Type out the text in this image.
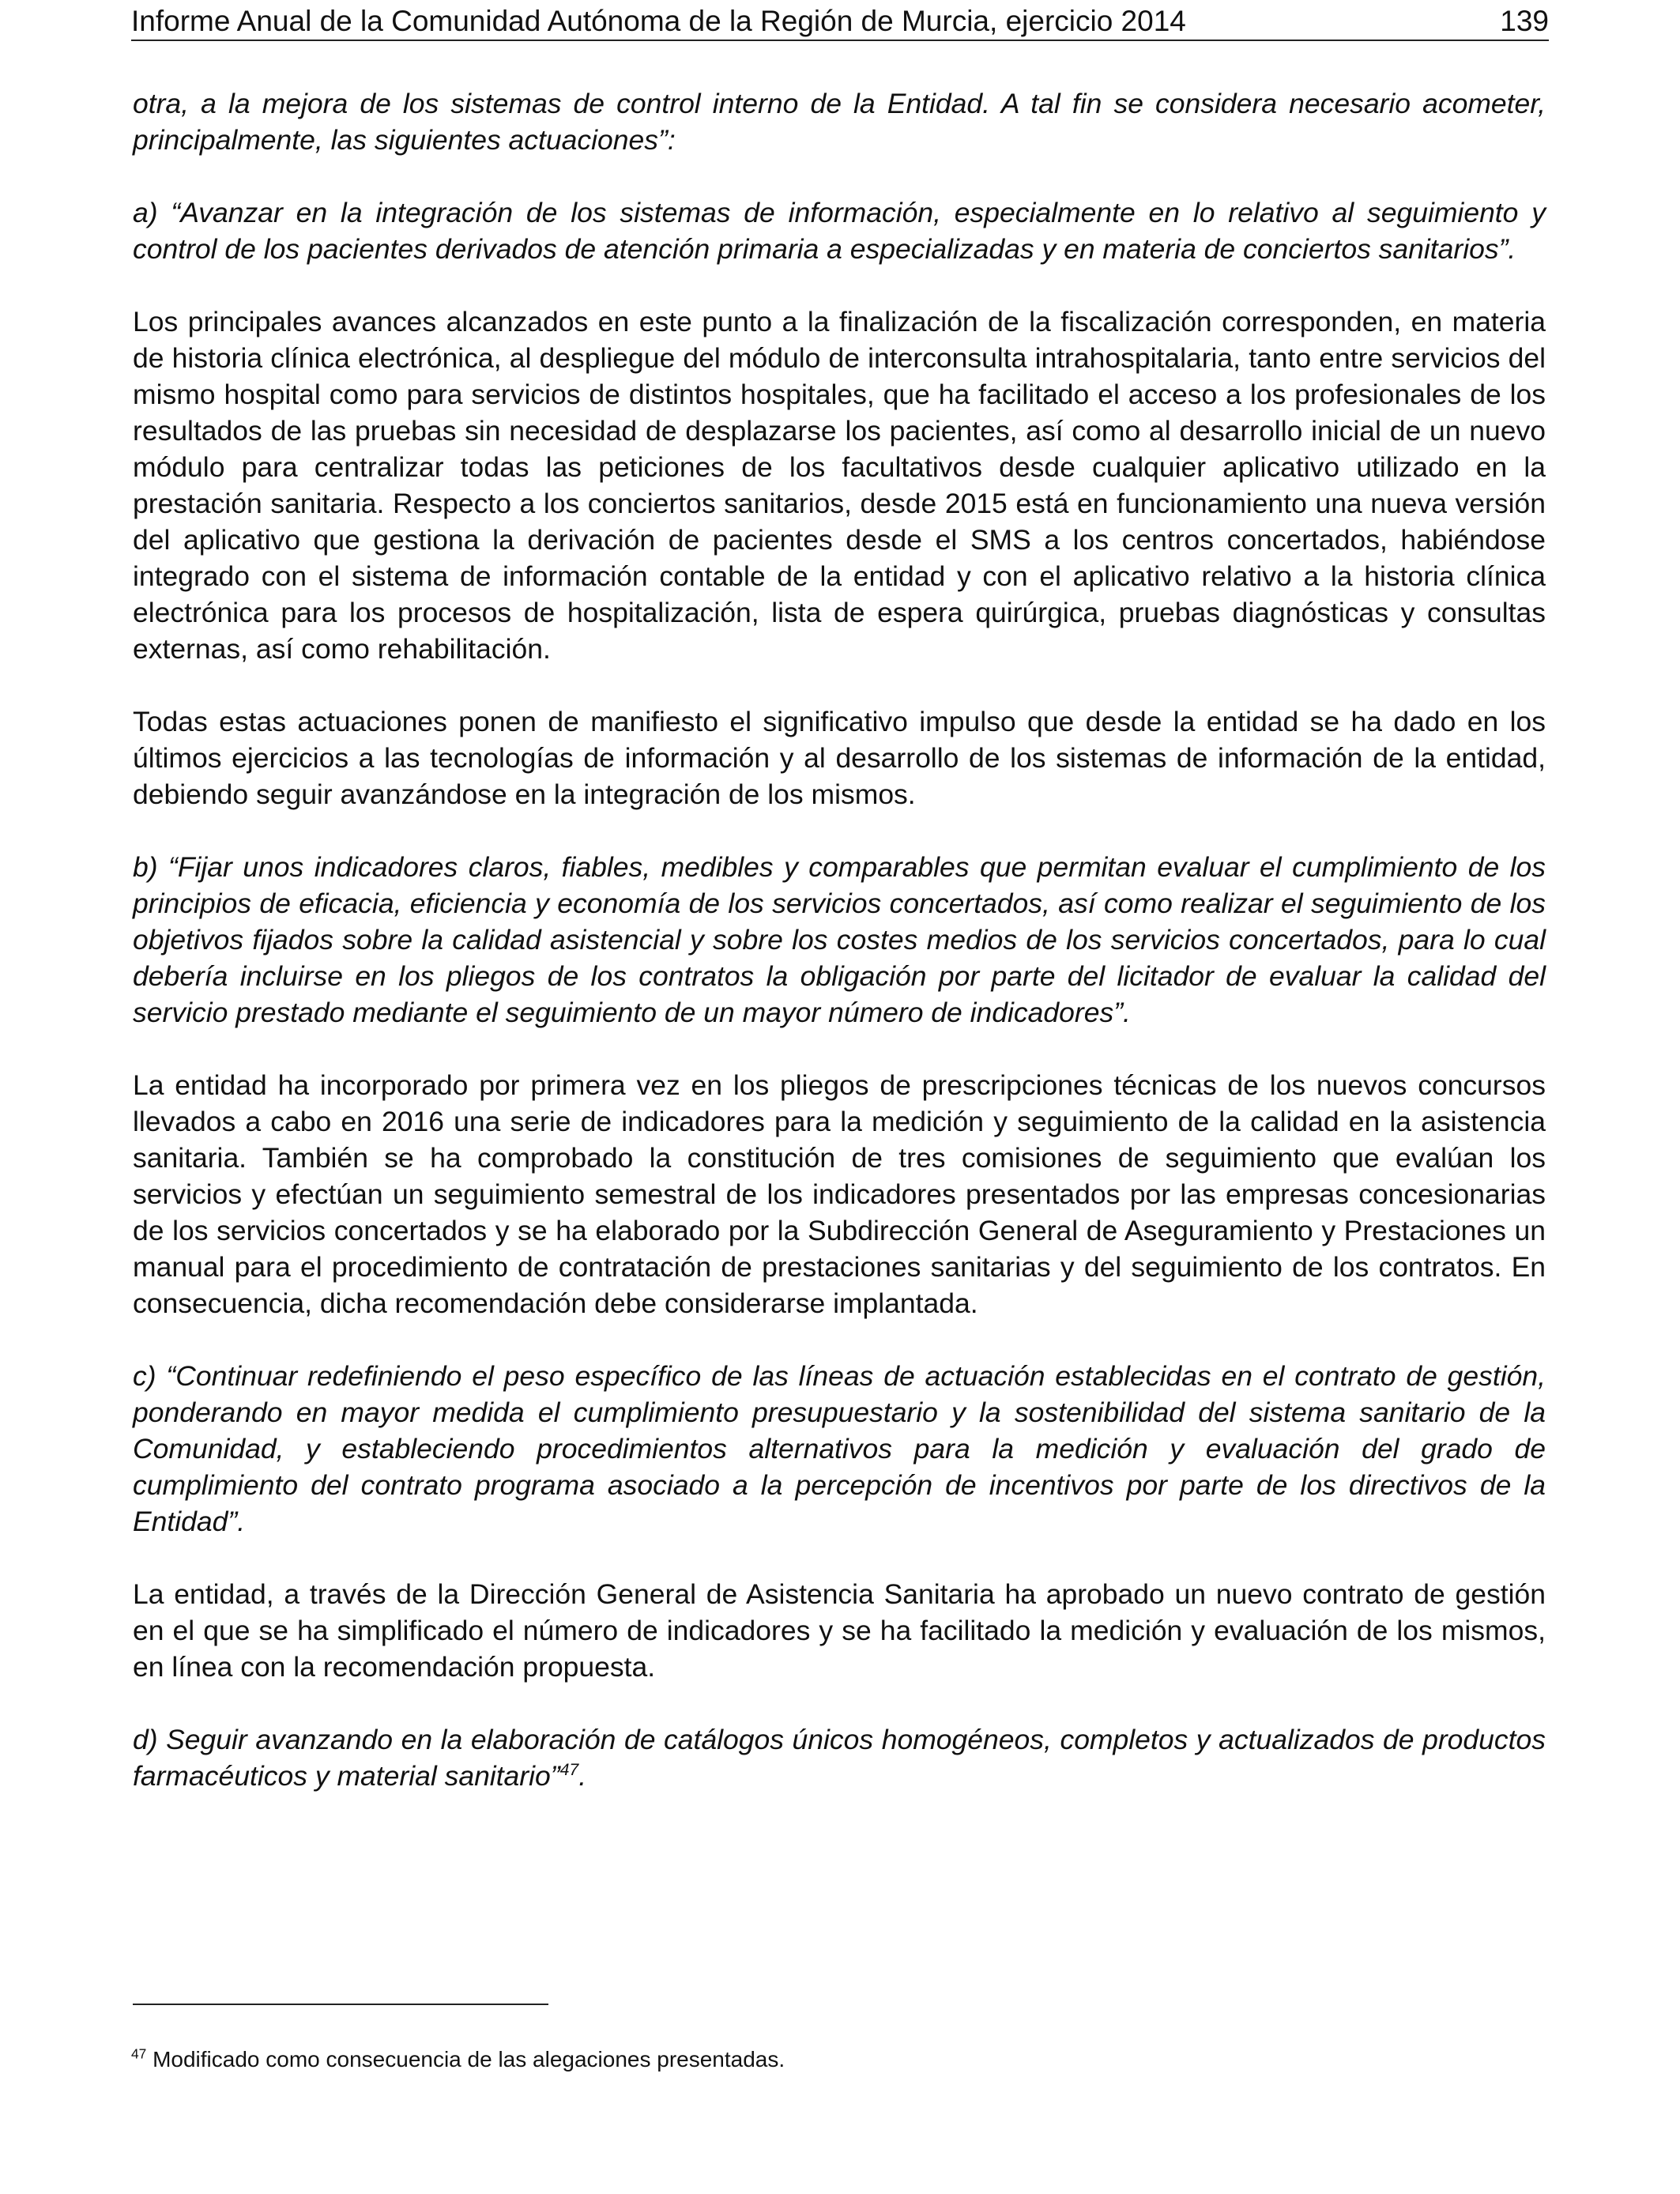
Informe Anual de la Comunidad Autónoma de la Región de Murcia, ejercicio 2014	139

otra, a la mejora de los sistemas de control interno de la Entidad. A tal fin se considera necesario acometer, principalmente, las siguientes actuaciones”:

a) “Avanzar en la integración de los sistemas de información, especialmente en lo relativo al seguimiento y control de los pacientes derivados de atención primaria a especializadas y en materia de conciertos sanitarios”.

Los principales avances alcanzados en este punto a la finalización de la fiscalización corresponden, en materia de historia clínica electrónica, al despliegue del módulo de interconsulta intrahospitalaria, tanto entre servicios del mismo hospital como para servicios de distintos hospitales, que ha facilitado el acceso a los profesionales de los resultados de las pruebas sin necesidad de desplazarse los pacientes, así como al desarrollo inicial de un nuevo módulo para centralizar todas las peticiones de los facultativos desde cualquier aplicativo utilizado en la prestación sanitaria. Respecto a los conciertos sanitarios, desde 2015 está en funcionamiento una nueva versión del aplicativo que gestiona la derivación de pacientes desde el SMS a los centros concertados, habiéndose integrado con el sistema de información contable de la entidad y con el aplicativo relativo a la historia clínica electrónica para los procesos de hospitalización, lista de espera quirúrgica, pruebas diagnósticas y consultas externas, así como rehabilitación.

Todas estas actuaciones ponen de manifiesto el significativo impulso que desde la entidad se ha dado en los últimos ejercicios a las tecnologías de información y al desarrollo de los sistemas de información de la entidad, debiendo seguir avanzándose en la integración de los mismos.

b) “Fijar unos indicadores claros, fiables, medibles y comparables que permitan evaluar el cumplimiento de los principios de eficacia, eficiencia y economía de los servicios concertados, así como realizar el seguimiento de los objetivos fijados sobre la calidad asistencial y sobre los costes medios de los servicios concertados, para lo cual debería incluirse en los pliegos de los contratos la obligación por parte del licitador de evaluar la calidad del servicio prestado mediante el seguimiento de un mayor número de indicadores”.

La entidad ha incorporado por primera vez en los pliegos de prescripciones técnicas de los nuevos concursos llevados a cabo en 2016 una serie de indicadores para la medición y seguimiento de la calidad en la asistencia sanitaria. También se ha comprobado la constitución de tres comisiones de seguimiento que evalúan los servicios y efectúan un seguimiento semestral de los indicadores presentados por las empresas concesionarias de los servicios concertados y se ha elaborado por la Subdirección General de Aseguramiento y Prestaciones un manual para el procedimiento de contratación de prestaciones sanitarias y del seguimiento de los contratos. En consecuencia, dicha recomendación debe considerarse implantada.

c) “Continuar redefiniendo el peso específico de las líneas de actuación establecidas en el contrato de gestión, ponderando en mayor medida el cumplimiento presupuestario y la sostenibilidad del sistema sanitario de la Comunidad, y estableciendo procedimientos alternativos para la medición y evaluación del grado de cumplimiento del contrato programa asociado a la percepción de incentivos por parte de los directivos de la Entidad”.

La entidad, a través de la Dirección General de Asistencia Sanitaria ha aprobado un nuevo contrato de gestión en el que se ha simplificado el número de indicadores y se ha facilitado la medición y evaluación de los mismos, en línea con la recomendación propuesta.

d) Seguir avanzando en la elaboración de catálogos únicos homogéneos, completos y actualizados de productos farmacéuticos y material sanitario”$^{47}$.

$^{47}$ Modificado como consecuencia de las alegaciones presentadas.
